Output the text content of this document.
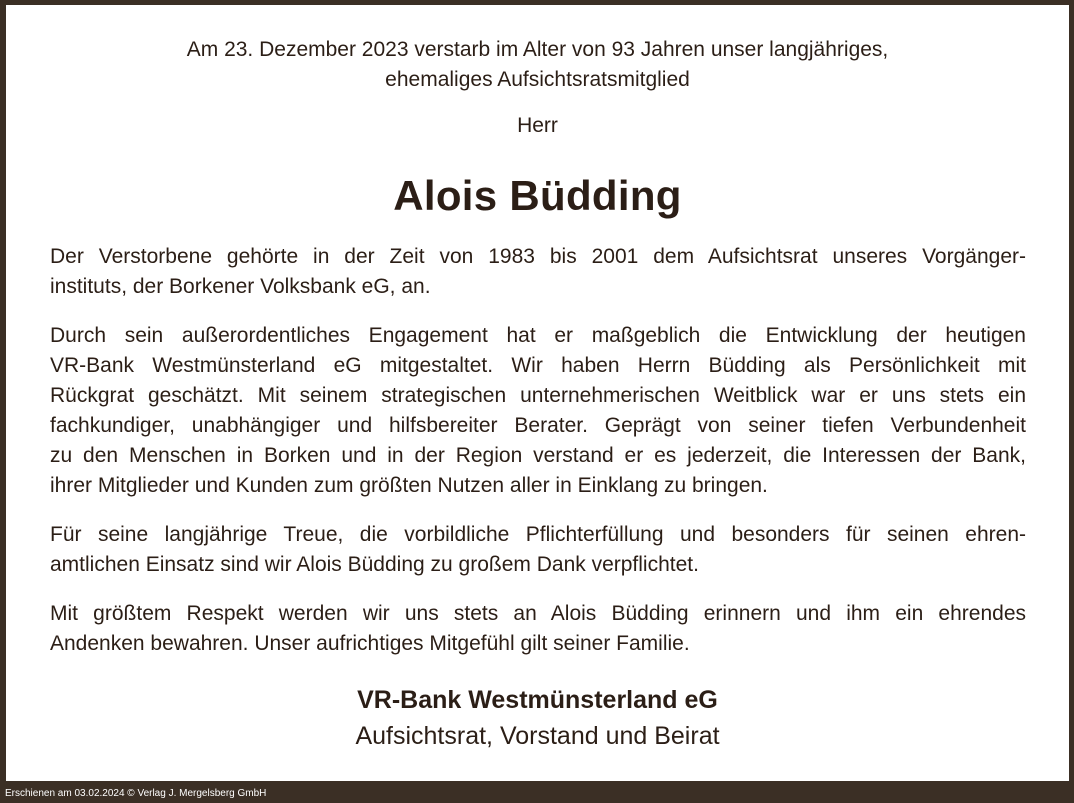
Am 23. Dezember 2023 verstarb im Alter von 93 Jahren unser langjähriges,
ehemaliges Aufsichtsratsmitglied
Herr
Alois Büdding

Der Verstorbene gehörte in der Zeit von 1983 bis 2001 dem Aufsichtsrat unseres Vorgänger-
instituts, der Borkener Volksbank eG, an.

Durch sein außerordentliches Engagement hat er maßgeblich die Entwicklung der heutigen
VR-Bank Westmünsterland eG mitgestaltet. Wir haben Herrn Büdding als Persönlichkeit mit
Rückgrat geschätzt. Mit seinem strategischen unternehmerischen Weitblick war er uns stets ein
fachkundiger, unabhängiger und hilfsbereiter Berater. Geprägt von seiner tiefen Verbundenheit
zu den Menschen in Borken und in der Region verstand er es jederzeit, die Interessen der Bank,
ihrer Mitglieder und Kunden zum größten Nutzen aller in Einklang zu bringen.

Für seine langjährige Treue, die vorbildliche Pflichterfüllung und besonders für seinen ehren-
amtlichen Einsatz sind wir Alois Büdding zu großem Dank verpflichtet.

Mit größtem Respekt werden wir uns stets an Alois Büdding erinnern und ihm ein ehrendes
Andenken bewahren. Unser aufrichtiges Mitgefühl gilt seiner Familie.

VR-Bank Westmünsterland eG
Aufsichtsrat, Vorstand und Beirat
Erschienen am 03.02.2024 © Verlag J. Mergelsberg GmbH
